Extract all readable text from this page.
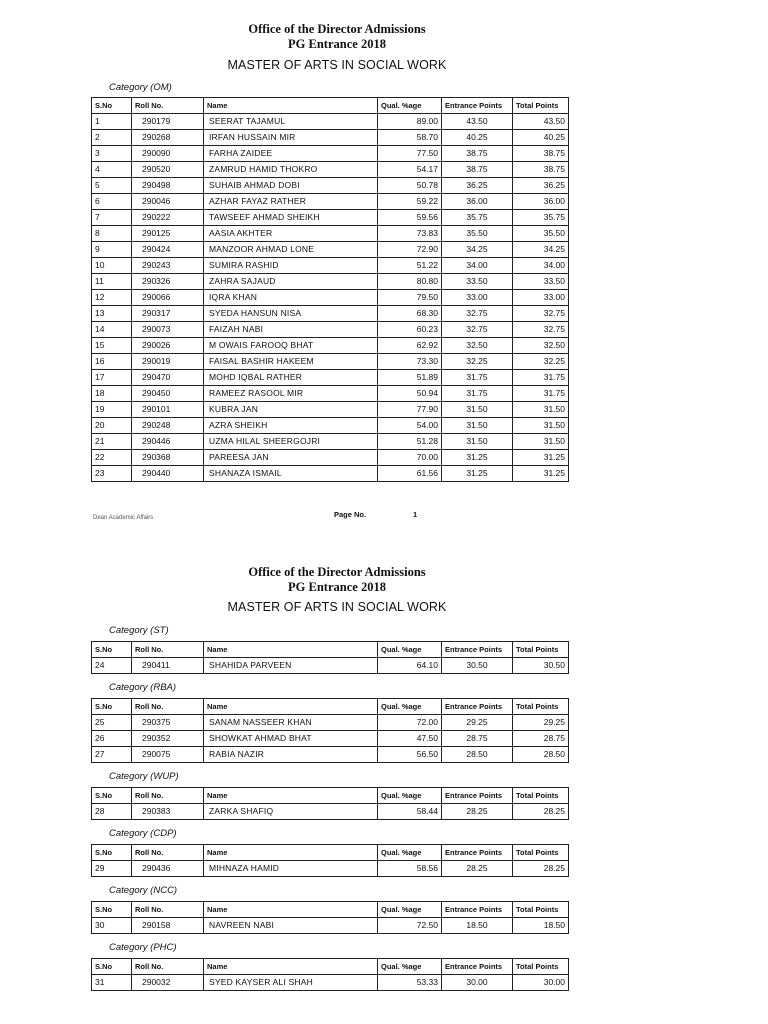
Office of the Director Admissions
PG Entrance 2018
MASTER OF ARTS IN SOCIAL WORK
Category (OM)
S.No	Roll No.	Name	Qual. %age	Entrance Points	Total Points
1	290179	SEERAT TAJAMUL	89.00	43.50	43.50
2	290268	IRFAN HUSSAIN MIR	58.70	40.25	40.25
3	290090	FARHA ZAIDEE	77.50	38.75	38.75
4	290520	ZAMRUD HAMID THOKRO	54.17	38.75	38.75
5	290498	SUHAIB AHMAD DOBI	50.78	36.25	36.25
6	290046	AZHAR FAYAZ RATHER	59.22	36.00	36.00
7	290222	TAWSEEF AHMAD SHEIKH	59.56	35.75	35.75
8	290125	AASIA AKHTER	73.83	35.50	35.50
9	290424	MANZOOR AHMAD LONE	72.90	34.25	34.25
10	290243	SUMIRA RASHID	51.22	34.00	34.00
11	290326	ZAHRA SAJAUD	80.80	33.50	33.50
12	290066	IQRA KHAN	79.50	33.00	33.00
13	290317	SYEDA HANSUN NISA	68.30	32.75	32.75
14	290073	FAIZAH NABI	60.23	32.75	32.75
15	290026	M OWAIS FAROOQ BHAT	62.92	32.50	32.50
16	290019	FAISAL BASHIR HAKEEM	73.30	32.25	32.25
17	290470	MOHD IQBAL RATHER	51.89	31.75	31.75
18	290450	RAMEEZ RASOOL MIR	50.94	31.75	31.75
19	290101	KUBRA JAN	77.90	31.50	31.50
20	290248	AZRA SHEIKH	54.00	31.50	31.50
21	290446	UZMA HILAL SHEERGOJRI	51.28	31.50	31.50
22	290368	PAREESA JAN	70.00	31.25	31.25
23	290440	SHANAZA ISMAIL	61.56	31.25	31.25
Dean Academic Affairs	Page No.	1
Office of the Director Admissions
PG Entrance 2018
MASTER OF ARTS IN SOCIAL WORK
Category (ST)
S.No	Roll No.	Name	Qual. %age	Entrance Points	Total Points
24	290411	SHAHIDA PARVEEN	64.10	30.50	30.50
Category (RBA)
S.No	Roll No.	Name	Qual. %age	Entrance Points	Total Points
25	290375	SANAM NASSEER KHAN	72.00	29.25	29.25
26	290352	SHOWKAT AHMAD BHAT	47.50	28.75	28.75
27	290075	RABIA NAZIR	56.50	28.50	28.50
Category (WUP)
S.No	Roll No.	Name	Qual. %age	Entrance Points	Total Points
28	290383	ZARKA SHAFIQ	58.44	28.25	28.25
Category (CDP)
S.No	Roll No.	Name	Qual. %age	Entrance Points	Total Points
29	290436	MIHNAZA HAMID	58.56	28.25	28.25
Category (NCC)
S.No	Roll No.	Name	Qual. %age	Entrance Points	Total Points
30	290158	NAVREEN NABI	72.50	18.50	18.50
Category (PHC)
S.No	Roll No.	Name	Qual. %age	Entrance Points	Total Points
31	290032	SYED KAYSER ALI SHAH	53.33	30.00	30.00
